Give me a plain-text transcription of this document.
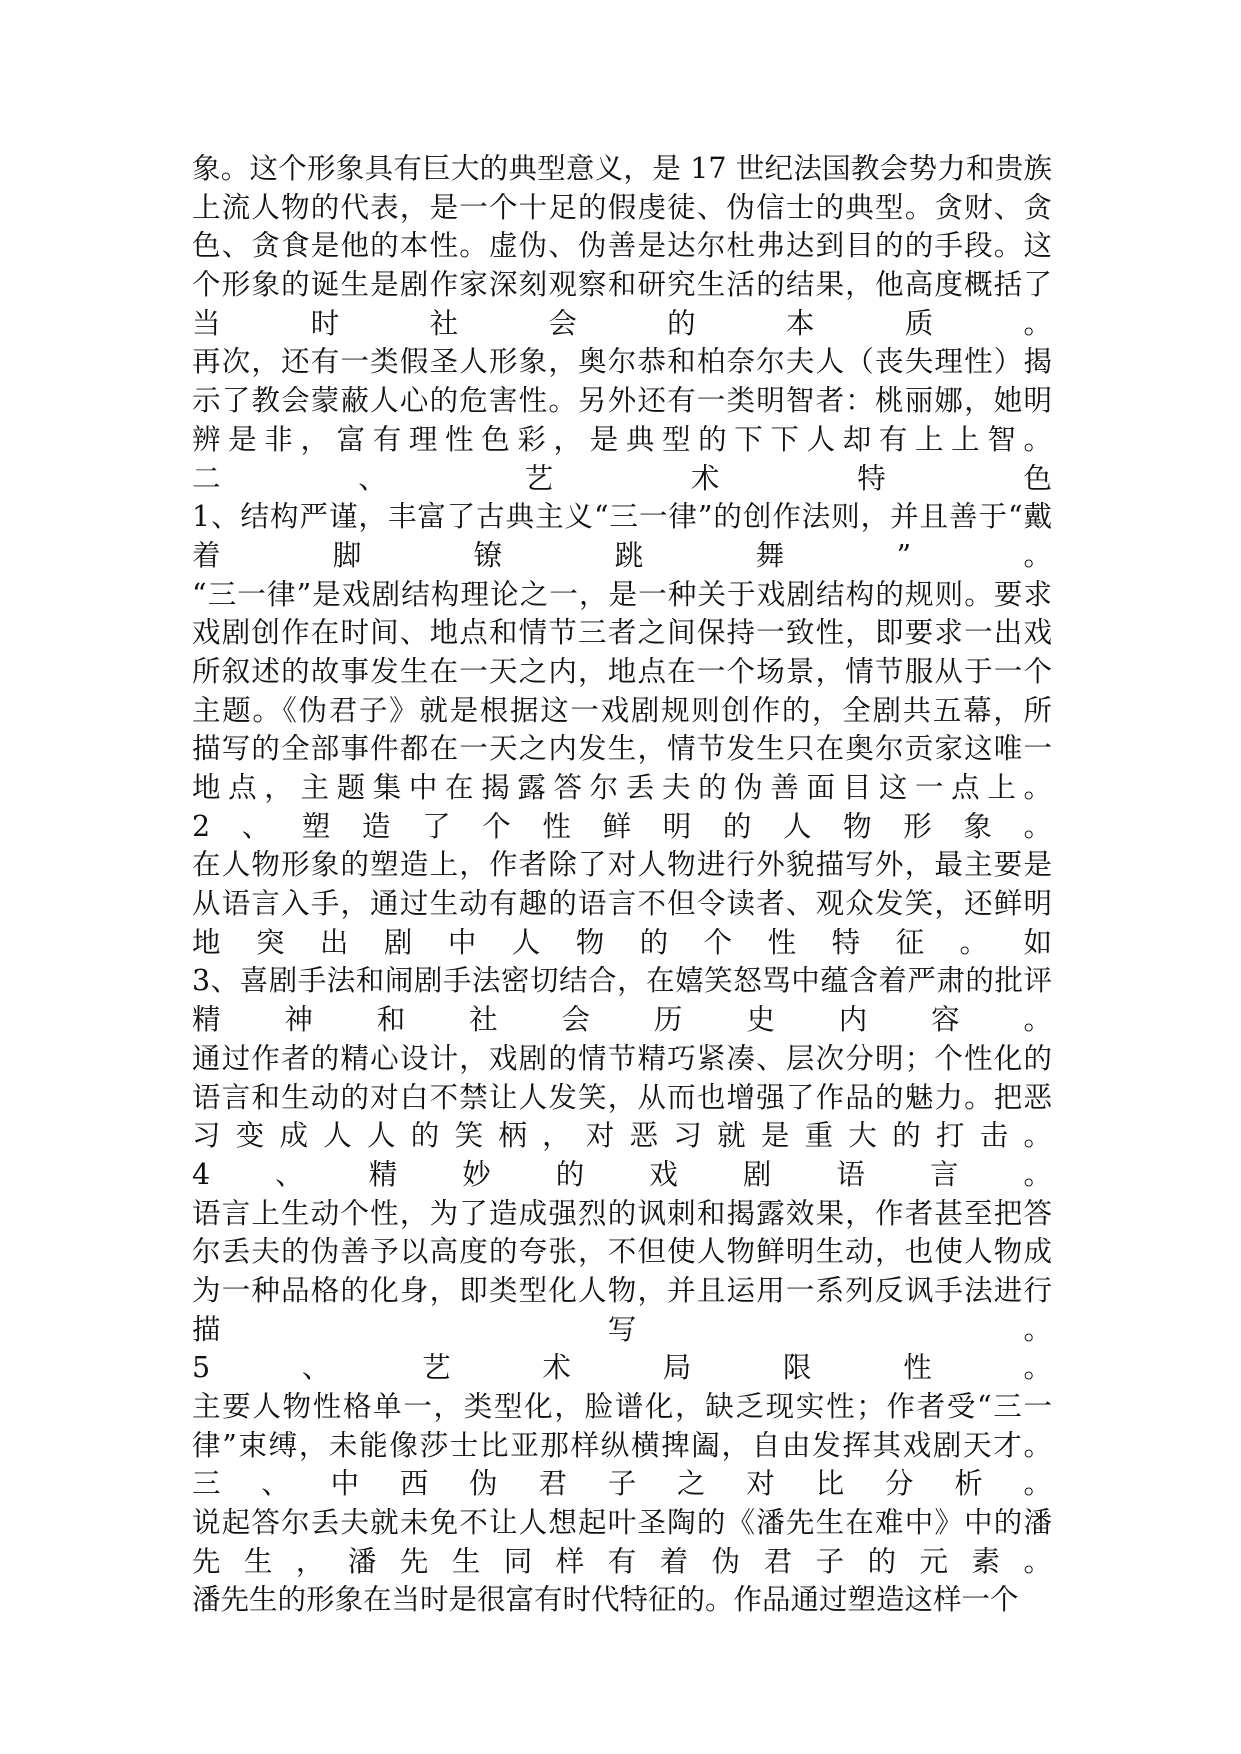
象。这个形象具有巨大的典型意义，是 17 世纪法国教会势力和贵族
上流人物的代表，是一个十足的假虔徒、伪信士的典型。贪财、贪
色、贪食是他的本性。虚伪、伪善是达尔杜弗达到目的的手段。这
个形象的诞生是剧作家深刻观察和研究生活的结果，他高度概括了
当时社会的本质。
再次，还有一类假圣人形象，奥尔恭和柏奈尔夫人（丧失理性）揭
示了教会蒙蔽人心的危害性。另外还有一类明智者：桃丽娜，她明
辨是非，富有理性色彩，是典型的下下人却有上上智。
二、艺术特色
1、结构严谨，丰富了古典主义“三一律”的创作法则，并且善于“戴
着脚镣跳舞”。
“三一律”是戏剧结构理论之一，是一种关于戏剧结构的规则。要求
戏剧创作在时间、地点和情节三者之间保持一致性，即要求一出戏
所叙述的故事发生在一天之内，地点在一个场景，情节服从于一个
主题。《伪君子》就是根据这一戏剧规则创作的，全剧共五幕，所
描写的全部事件都在一天之内发生，情节发生只在奥尔贡家这唯一
地点，主题集中在揭露答尔丢夫的伪善面目这一点上。
2、塑造了个性鲜明的人物形象。
在人物形象的塑造上，作者除了对人物进行外貌描写外，最主要是
从语言入手，通过生动有趣的语言不但令读者、观众发笑，还鲜明
地突出剧中人物的个性特征。如
3、喜剧手法和闹剧手法密切结合，在嬉笑怒骂中蕴含着严肃的批评
精神和社会历史内容。
通过作者的精心设计，戏剧的情节精巧紧凑、层次分明；个性化的
语言和生动的对白不禁让人发笑，从而也增强了作品的魅力。把恶
习变成人人的笑柄，对恶习就是重大的打击。
4、精妙的戏剧语言。
语言上生动个性，为了造成强烈的讽刺和揭露效果，作者甚至把答
尔丢夫的伪善予以高度的夸张，不但使人物鲜明生动，也使人物成
为一种品格的化身，即类型化人物，并且运用一系列反讽手法进行
描写。
5、艺术局限性。
主要人物性格单一，类型化，脸谱化，缺乏现实性；作者受“三一
律”束缚，未能像莎士比亚那样纵横捭阖，自由发挥其戏剧天才。
三、中西伪君子之对比分析。
说起答尔丢夫就未免不让人想起叶圣陶的《潘先生在难中》中的潘
先生，潘先生同样有着伪君子的元素。
潘先生的形象在当时是很富有时代特征的。作品通过塑造这样一个
